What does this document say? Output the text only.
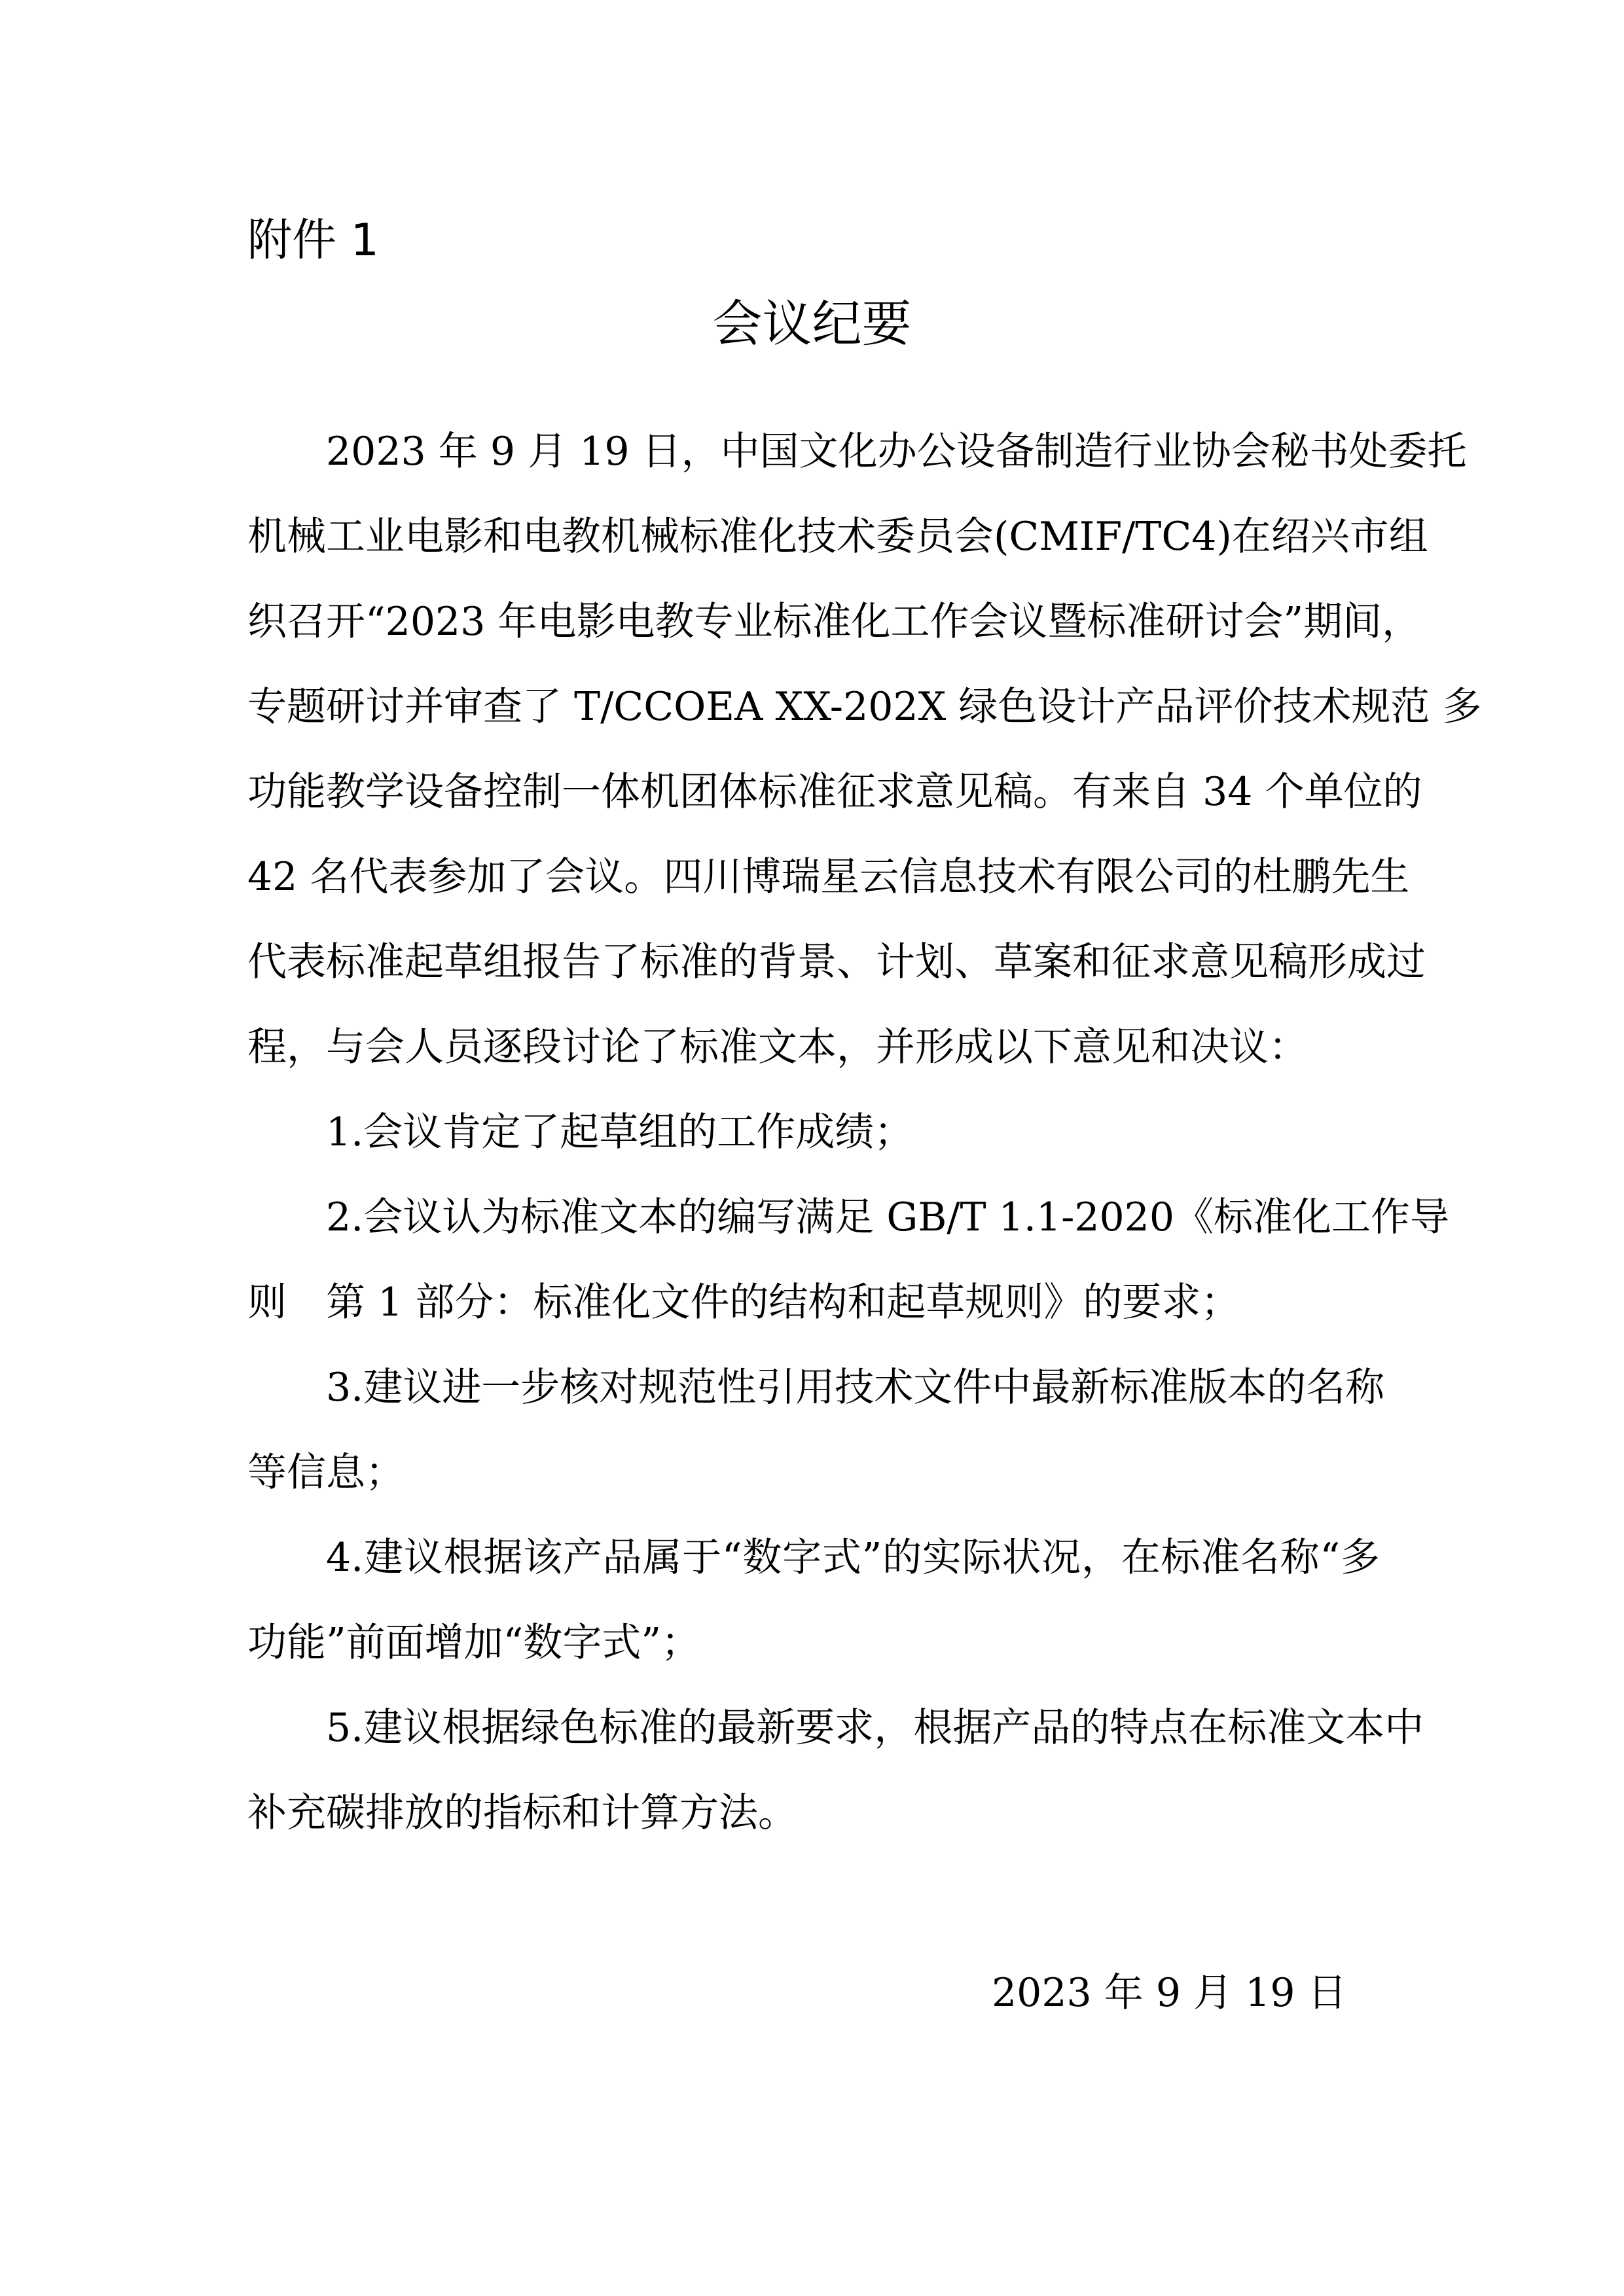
附件 1
会议纪要
2023 年 9 月 19 日，中国文化办公设备制造行业协会秘书处委托
机械工业电影和电教机械标准化技术委员会(CMIF/TC4)在绍兴市组
织召开“2023 年电影电教专业标准化工作会议暨标准研讨会”期间，
专题研讨并审查了 T/CCOEA XX-202X 绿色设计产品评价技术规范 多
功能教学设备控制一体机团体标准征求意见稿。有来自 34 个单位的
42 名代表参加了会议。四川博瑞星云信息技术有限公司的杜鹏先生
代表标准起草组报告了标准的背景、计划、草案和征求意见稿形成过
程，与会人员逐段讨论了标准文本，并形成以下意见和决议：
1.会议肯定了起草组的工作成绩；
2.会议认为标准文本的编写满足 GB/T 1.1-2020《标准化工作导
则　第 1 部分：标准化文件的结构和起草规则》的要求；
3.建议进一步核对规范性引用技术文件中最新标准版本的名称
等信息；
4.建议根据该产品属于“数字式”的实际状况，在标准名称“多
功能”前面增加“数字式”；
5.建议根据绿色标准的最新要求，根据产品的特点在标准文本中
补充碳排放的指标和计算方法。
2023 年 9 月 19 日
